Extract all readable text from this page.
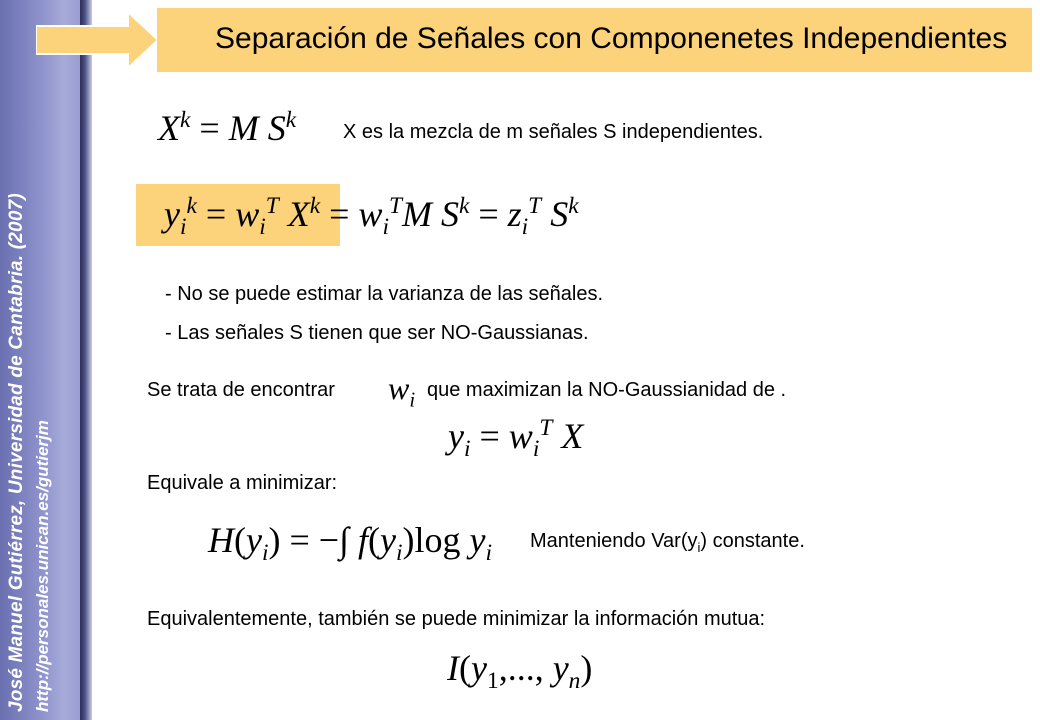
José Manuel Gutiérrez, Universidad de Cantabria. (2007) http://personales.unican.es/gutierjm
Separación de Señales con Componenetes Independientes
$X^k = M$ $S^k$ X es la mezcla de m señales S independientes.
$y_i^k = w_i^T$ $X^k = w_i^TM$ $S^k = z_i^T$ $S^k$
- No se puede estimar la varianza de las señales.
- Las señales S tienen que ser NO-Gaussianas.
Se trata de encontrar $w_i$ que maximizan la NO-Gaussianidad de .
$y_i = w_i^T$ X
Equivale a minimizar:
$H(y_i)$ = −∫ $f(y_i)\log$ $y_i$ Manteniendo $Var(y_i)$ constante.
Equivalentemente, también se puede minimizar la información mutua:
$I(y_1$,..., $y_n$)
